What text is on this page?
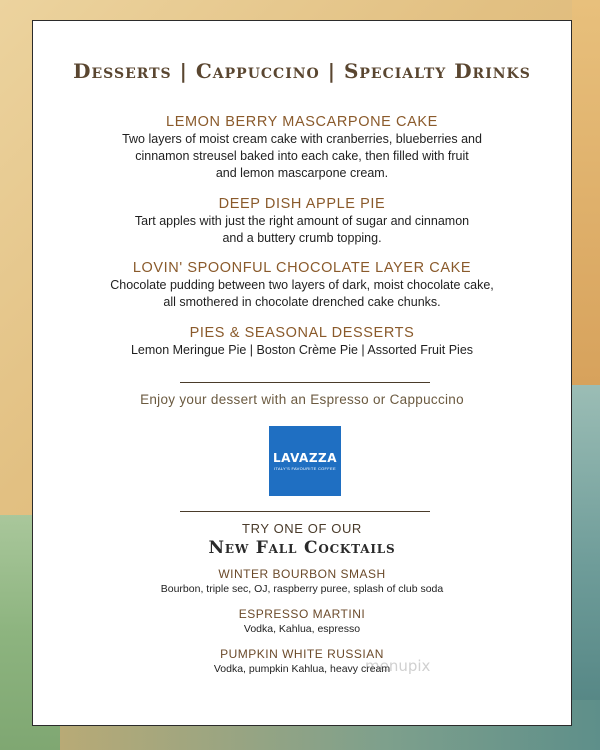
Desserts | Cappuccino | Specialty Drinks
LEMON BERRY MASCARPONE CAKE
Two layers of moist cream cake with cranberries, blueberries and
cinnamon streusel baked into each cake, then filled with fruit
and lemon mascarpone cream.
DEEP DISH APPLE PIE
Tart apples with just the right amount of sugar and cinnamon
and a buttery crumb topping.
LOVIN' SPOONFUL CHOCOLATE LAYER CAKE
Chocolate pudding between two layers of dark, moist chocolate cake,
all smothered in chocolate drenched cake chunks.
PIES & SEASONAL DESSERTS
Lemon Meringue Pie | Boston Crème Pie | Assorted Fruit Pies
Enjoy your dessert with an Espresso or Cappuccino
LAVAZZA
ITALY'S FAVOURITE COFFEE
TRY ONE OF OUR
New Fall Cocktails
WINTER BOURBON SMASH
Bourbon, triple sec, OJ, raspberry puree, splash of club soda
ESPRESSO MARTINI
Vodka, Kahlua, espresso
PUMPKIN WHITE RUSSIAN
Vodka, pumpkin Kahlua, heavy cream
menupix
